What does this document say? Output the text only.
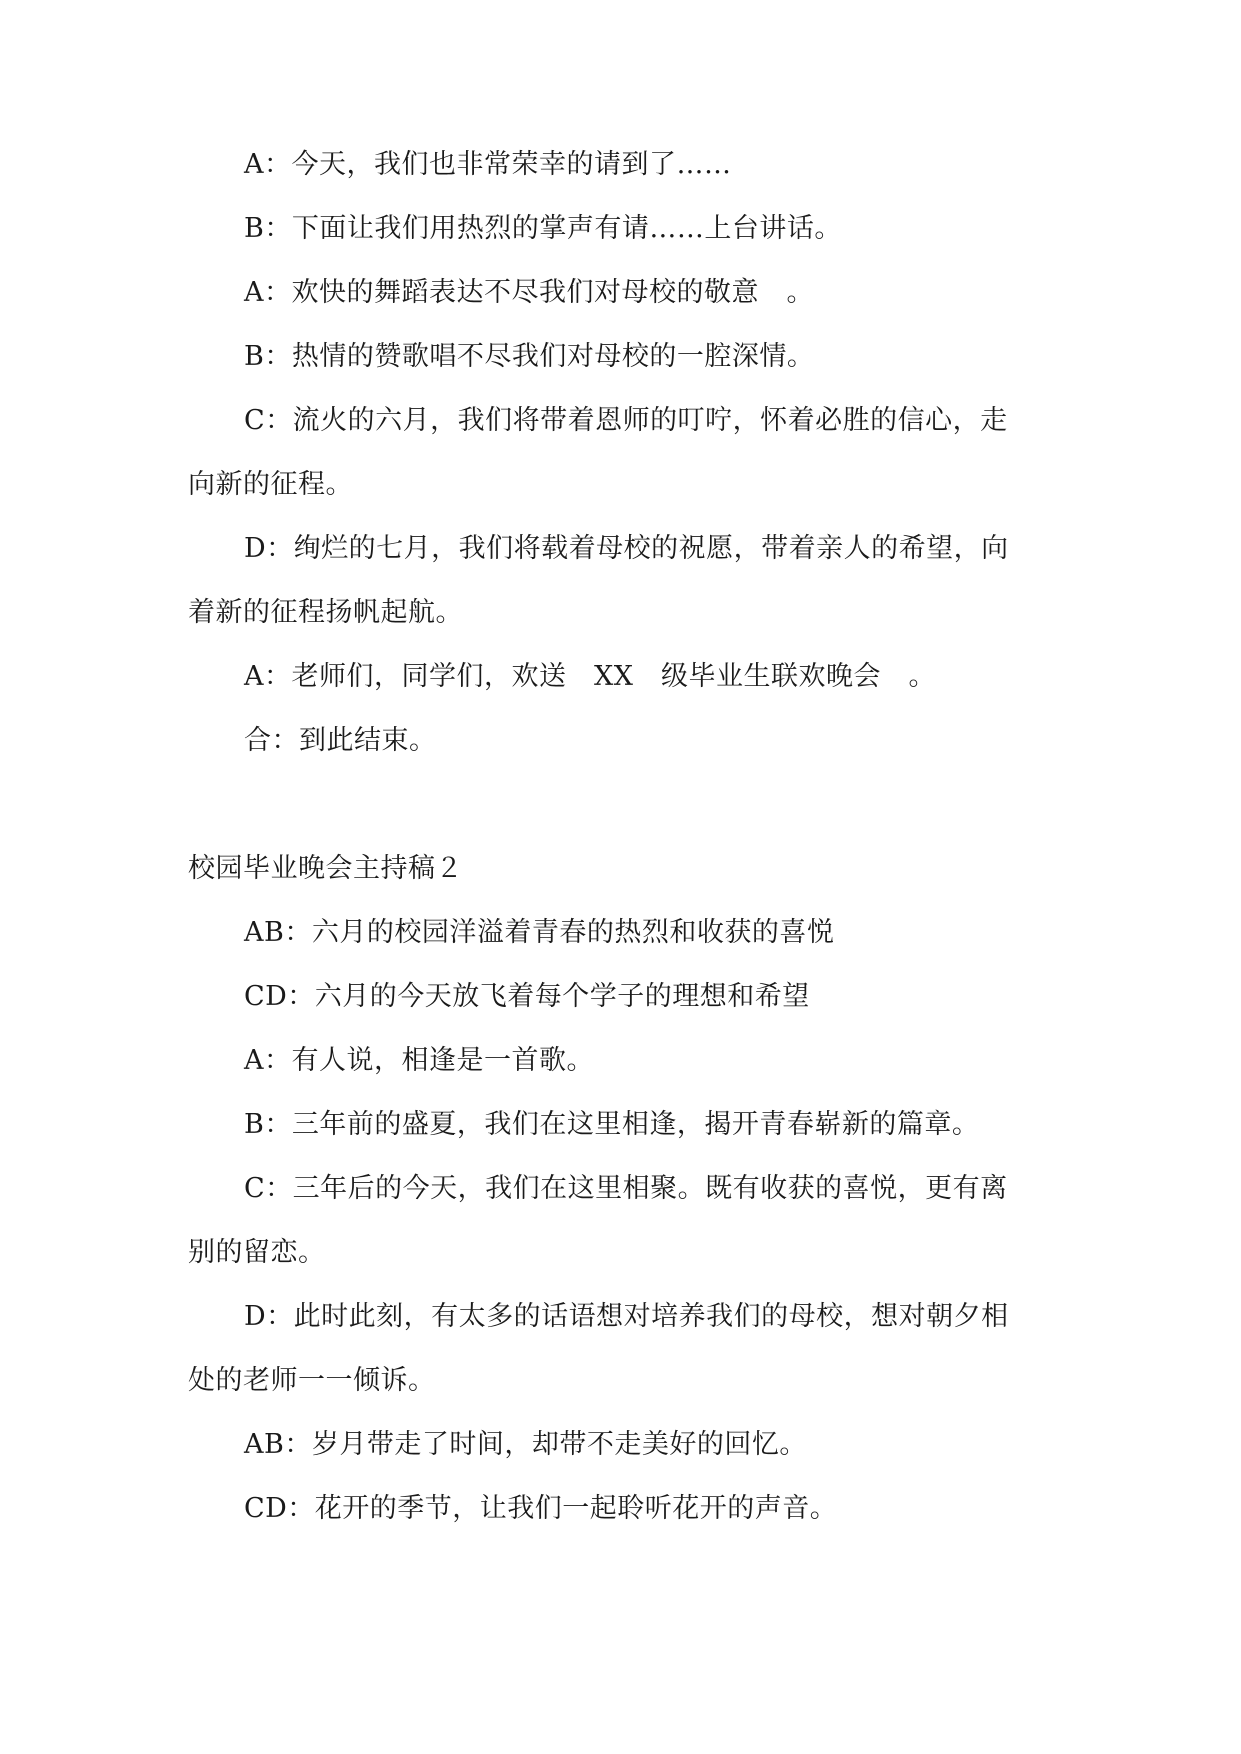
A：今天，我们也非常荣幸的请到了……
B：下面让我们用热烈的掌声有请……上台讲话。
A：欢快的舞蹈表达不尽我们对母校的敬意　。
B：热情的赞歌唱不尽我们对母校的一腔深情。
C：流火的六月，我们将带着恩师的叮咛，怀着必胜的信心，走
向新的征程。
D：绚烂的七月，我们将载着母校的祝愿，带着亲人的希望，向
着新的征程扬帆起航。
A：老师们，同学们，欢送　XX　级毕业生联欢晚会　。
合：到此结束。
校园毕业晚会主持稿２
AB：六月的校园洋溢着青春的热烈和收获的喜悦
CD：六月的今天放飞着每个学子的理想和希望
A：有人说，相逢是一首歌。
B：三年前的盛夏，我们在这里相逢，揭开青春崭新的篇章。
C：三年后的今天，我们在这里相聚。既有收获的喜悦，更有离
别的留恋。
D：此时此刻，有太多的话语想对培养我们的母校，想对朝夕相
处的老师一一倾诉。
AB：岁月带走了时间，却带不走美好的回忆。
CD：花开的季节，让我们一起聆听花开的声音。
